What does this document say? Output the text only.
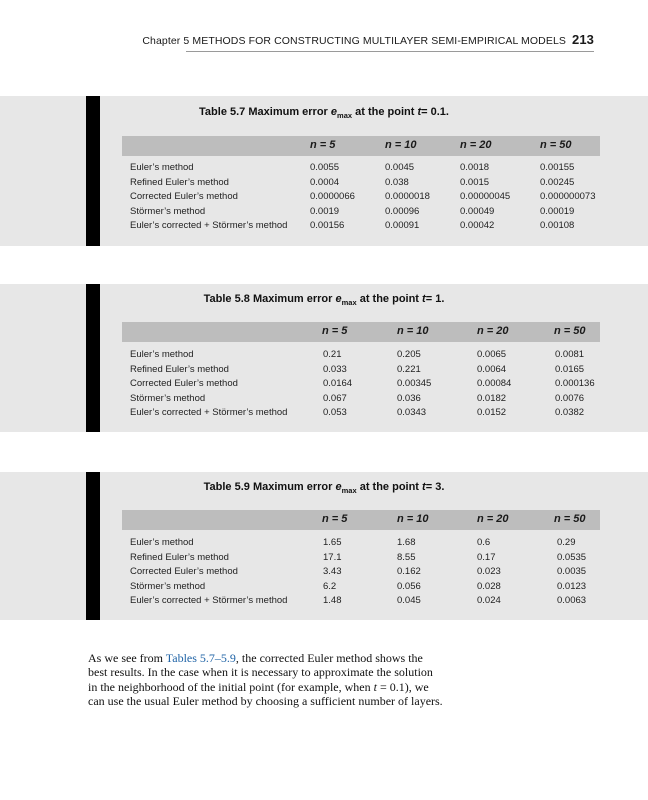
Chapter 5 METHODS FOR CONSTRUCTING MULTILAYER SEMI-EMPIRICAL MODELS 213
Table 5.7 Maximum error $e_{max}$ at the point t= 0.1.
n = 5	n = 10	n = 20	n = 50
Euler’s method	0.0055	0.0045	0.0018	0.00155
Refined Euler’s method	0.0004	0.038	0.0015	0.00245
Corrected Euler’s method	0.0000066	0.0000018	0.00000045	0.000000073
Störmer’s method	0.0019	0.00096	0.00049	0.00019
Euler’s corrected + Störmer’s method 0.00156	0.00091	0.00042	0.00108
Table 5.8 Maximum error $e_{max}$ at the point t= 1.
n = 5	n = 10	n = 20	n = 50
Euler’s method	0.21	0.205	0.0065	0.0081
Refined Euler’s method	0.033	0.221	0.0064	0.0165
Corrected Euler’s method	0.0164	0.00345	0.00084	0.000136
Störmer’s method	0.067	0.036	0.0182	0.0076
Euler’s corrected + Störmer’s method	0.053	0.0343	0.0152	0.0382
Table 5.9 Maximum error $e_{max}$ at the point t= 3.
n = 5	n = 10	n = 20	n = 50
Euler’s method	1.65	1.68	0.6	0.29
Refined Euler’s method	17.1	8.55	0.17	0.0535
Corrected Euler’s method	3.43	0.162	0.023	0.0035
Störmer’s method	6.2	0.056	0.028	0.0123
Euler’s corrected + Störmer’s method	1.48	0.045	0.024	0.0063

As we see from Tables 5.7–5.9, the corrected Euler method shows the best results. In the case when it is necessary to approximate the solution in the neighborhood of the initial point (for example, when t = 0.1), we can use the usual Euler method by choosing a sufficient number of layers.
